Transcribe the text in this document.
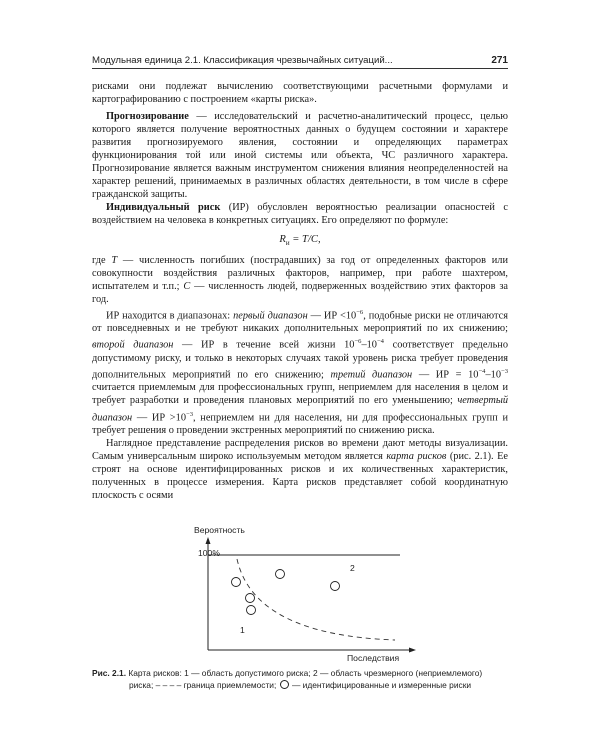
Модульная единица 2.1. Классификация чрезвычайных ситуаций...	271

рисками они подлежат вычислению соответствующими расчетными формулами и картографированию с построением «карты риска».

Прогнозирование — исследовательский и расчетно-аналитический процесс, целью которого является получение вероятностных данных о будущем состоянии и характере развития прогнозируемого явления, состоянии и определяющих параметрах функционирования той или иной системы или объекта, ЧС различного характера. Прогнозирование является важным инструментом снижения влияния неопределенностей на характер решений, принимаемых в различных областях деятельности, в том числе в сфере гражданской защиты.

Индивидуальный риск (ИР) обусловлен вероятностью реализации опасностей с воздействием на человека в конкретных ситуациях. Его определяют по формуле:

$R_и = T/C$,

где T — численность погибших (пострадавших) за год от определенных факторов или совокупности воздействия различных факторов, например, при работе шахтером, испытателем и т.п.; C — численность людей, подверженных воздействию этих факторов за год.

ИР находится в диапазонах: первый диапазон — ИР $<10^{-6}$, подобные риски не отличаются от повседневных и не требуют никаких дополнительных мероприятий по их снижению; второй диапазон — ИР в течение всей жизни $10^{-6}-10^{-4}$ соответствует предельно допустимому риску, и только в некоторых случаях такой уровень риска требует проведения дополнительных мероприятий по его снижению; третий диапазон — ИР = $10^{-4}-10^{-3}$ считается приемлемым для профессиональных групп, неприемлем для населения в целом и требует разработки и проведения плановых мероприятий по его уменьшению; четвертый диапазон — ИР $>10^{-3}$, неприемлем ни для населения, ни для профессиональных групп и требует решения о проведении экстренных мероприятий по снижению риска.

Наглядное представление распределения рисков во времени дают методы визуализации. Самым универсальным широко используемым методом является карта рисков (рис. 2.1). Ее строят на основе идентифицированных рисков и их количественных характеристик, полученных в процессе измерения. Карта рисков представляет собой координатную плоскость с осями

Вероятность
100%
Последствия
1
2
Рис. 2.1. Карта рисков: 1 — область допустимого риска; 2 — область чрезмерного (неприемлемого)
риска; – – – – граница приемлемости;  — идентифицированные и измеренные риски
